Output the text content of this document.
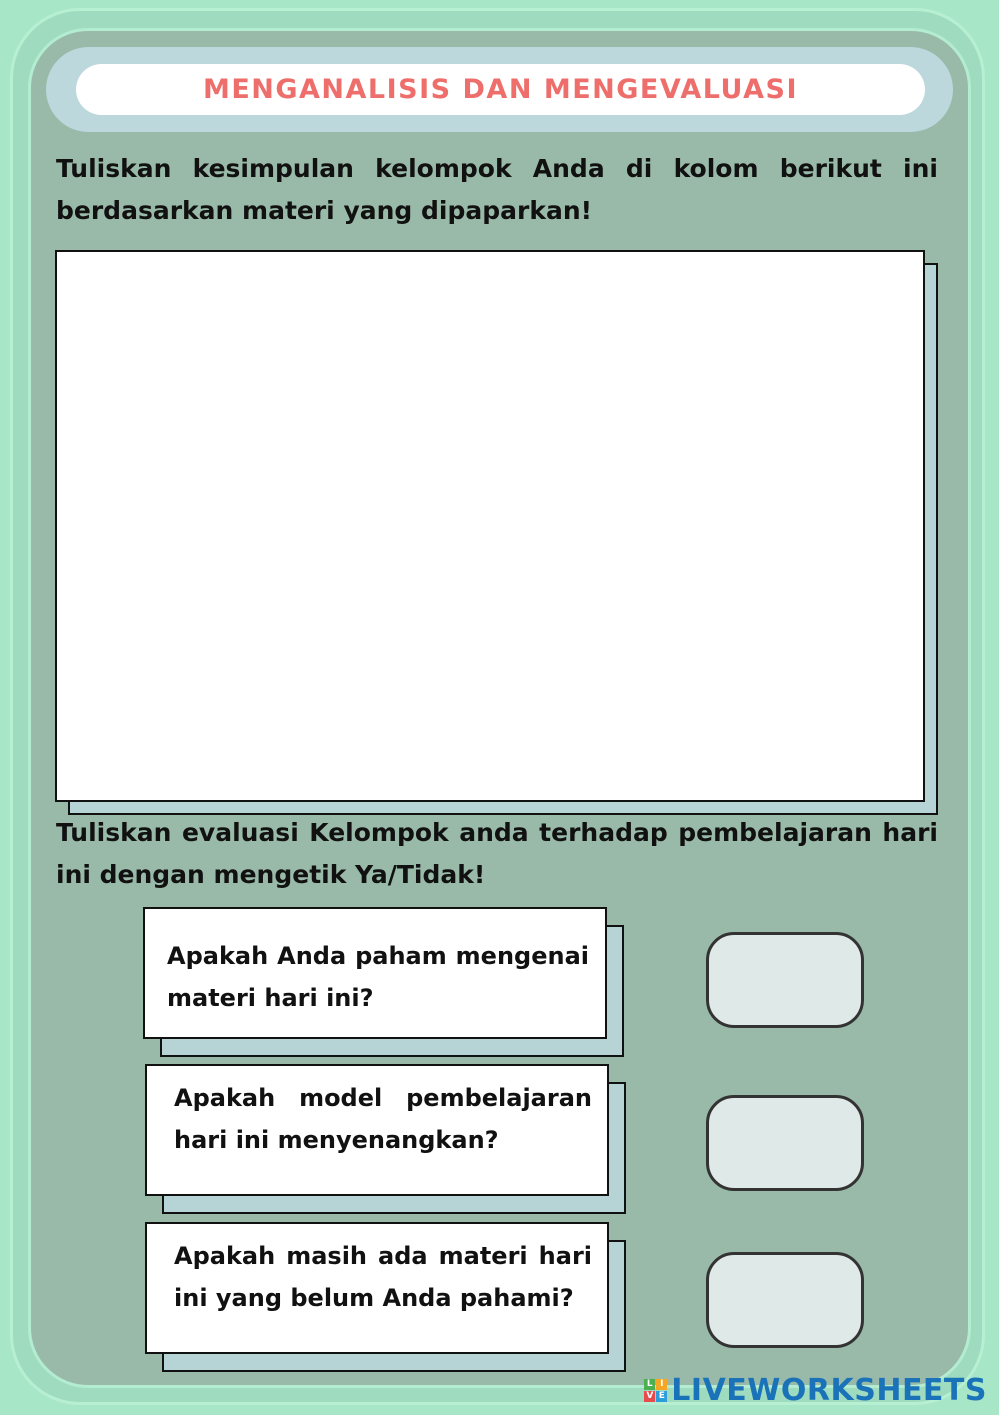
MENGANALISIS DAN MENGEVALUASI
Tuliskan kesimpulan kelompok Anda di kolom berikut ini berdasarkan materi yang dipaparkan!
Tuliskan evaluasi Kelompok anda terhadap pembelajaran hari ini dengan mengetik Ya/Tidak!
Apakah Anda paham mengenai materi hari ini?
Apakah model pembelajaran hari ini menyenangkan?
Apakah masih ada materi hari ini yang belum Anda pahami?
L I
V E LIVEWORKSHEETS
